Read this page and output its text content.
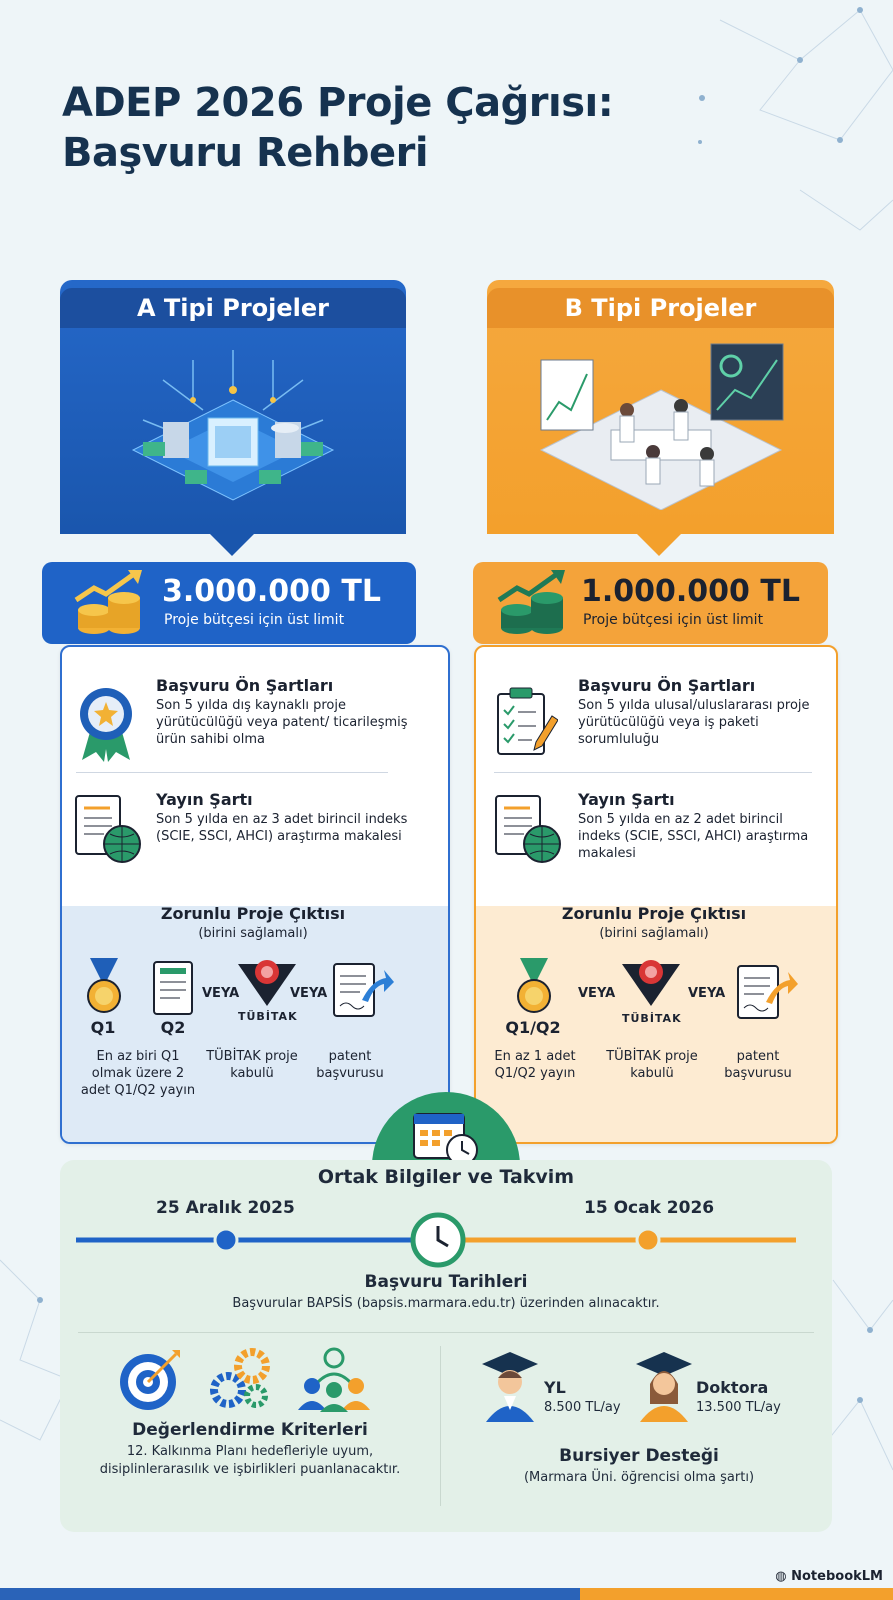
ADEP 2026 Proje Çağrısı:
Başvuru Rehberi
A Tipi Projeler
3.000.000 TL
Proje bütçesi için üst limit
Başvuru Ön Şartları
Son 5 yılda dış kaynaklı proje yürütücülüğü veya patent/ ticarileşmiş ürün sahibi olma
Yayın Şartı
Son 5 yılda en az 3 adet birincil indeks (SCIE, SSCI, AHCI) araştırma makalesi
Zorunlu Proje Çıktısı
(birini sağlamalı)
Q1	Q2
VEYA
TÜBİTAK
VEYA
En az biri Q1 olmak üzere 2 adet Q1/Q2 yayın
TÜBİTAK proje kabulü
patent başvurusu
B Tipi Projeler
1.000.000 TL
Proje bütçesi için üst limit
Başvuru Ön Şartları
Son 5 yılda ulusal/uluslararası proje yürütücülüğü veya iş paketi sorumluluğu
Yayın Şartı
Son 5 yılda en az 2 adet birincil indeks (SCIE, SSCI, AHCI) araştırma makalesi
Zorunlu Proje Çıktısı
(birini sağlamalı)
Q1/Q2
VEYA
TÜBİTAK
VEYA
En az 1 adet Q1/Q2 yayın
TÜBİTAK proje kabulü
patent başvurusu
Ortak Bilgiler ve Takvim
25 Aralık 2025	15 Ocak 2026
Başvuru Tarihleri
Başvurular BAPSİS (bapsis.marmara.edu.tr) üzerinden alınacaktır.
Değerlendirme Kriterleri
12. Kalkınma Planı hedefleriyle uyum,
disiplinlerarasılık ve işbirlikleri puanlanacaktır.
YL
8.500 TL/ay
Doktora
13.500 TL/ay
Bursiyer Desteği
(Marmara Üni. öğrencisi olma şartı)
◍ NotebookLM
